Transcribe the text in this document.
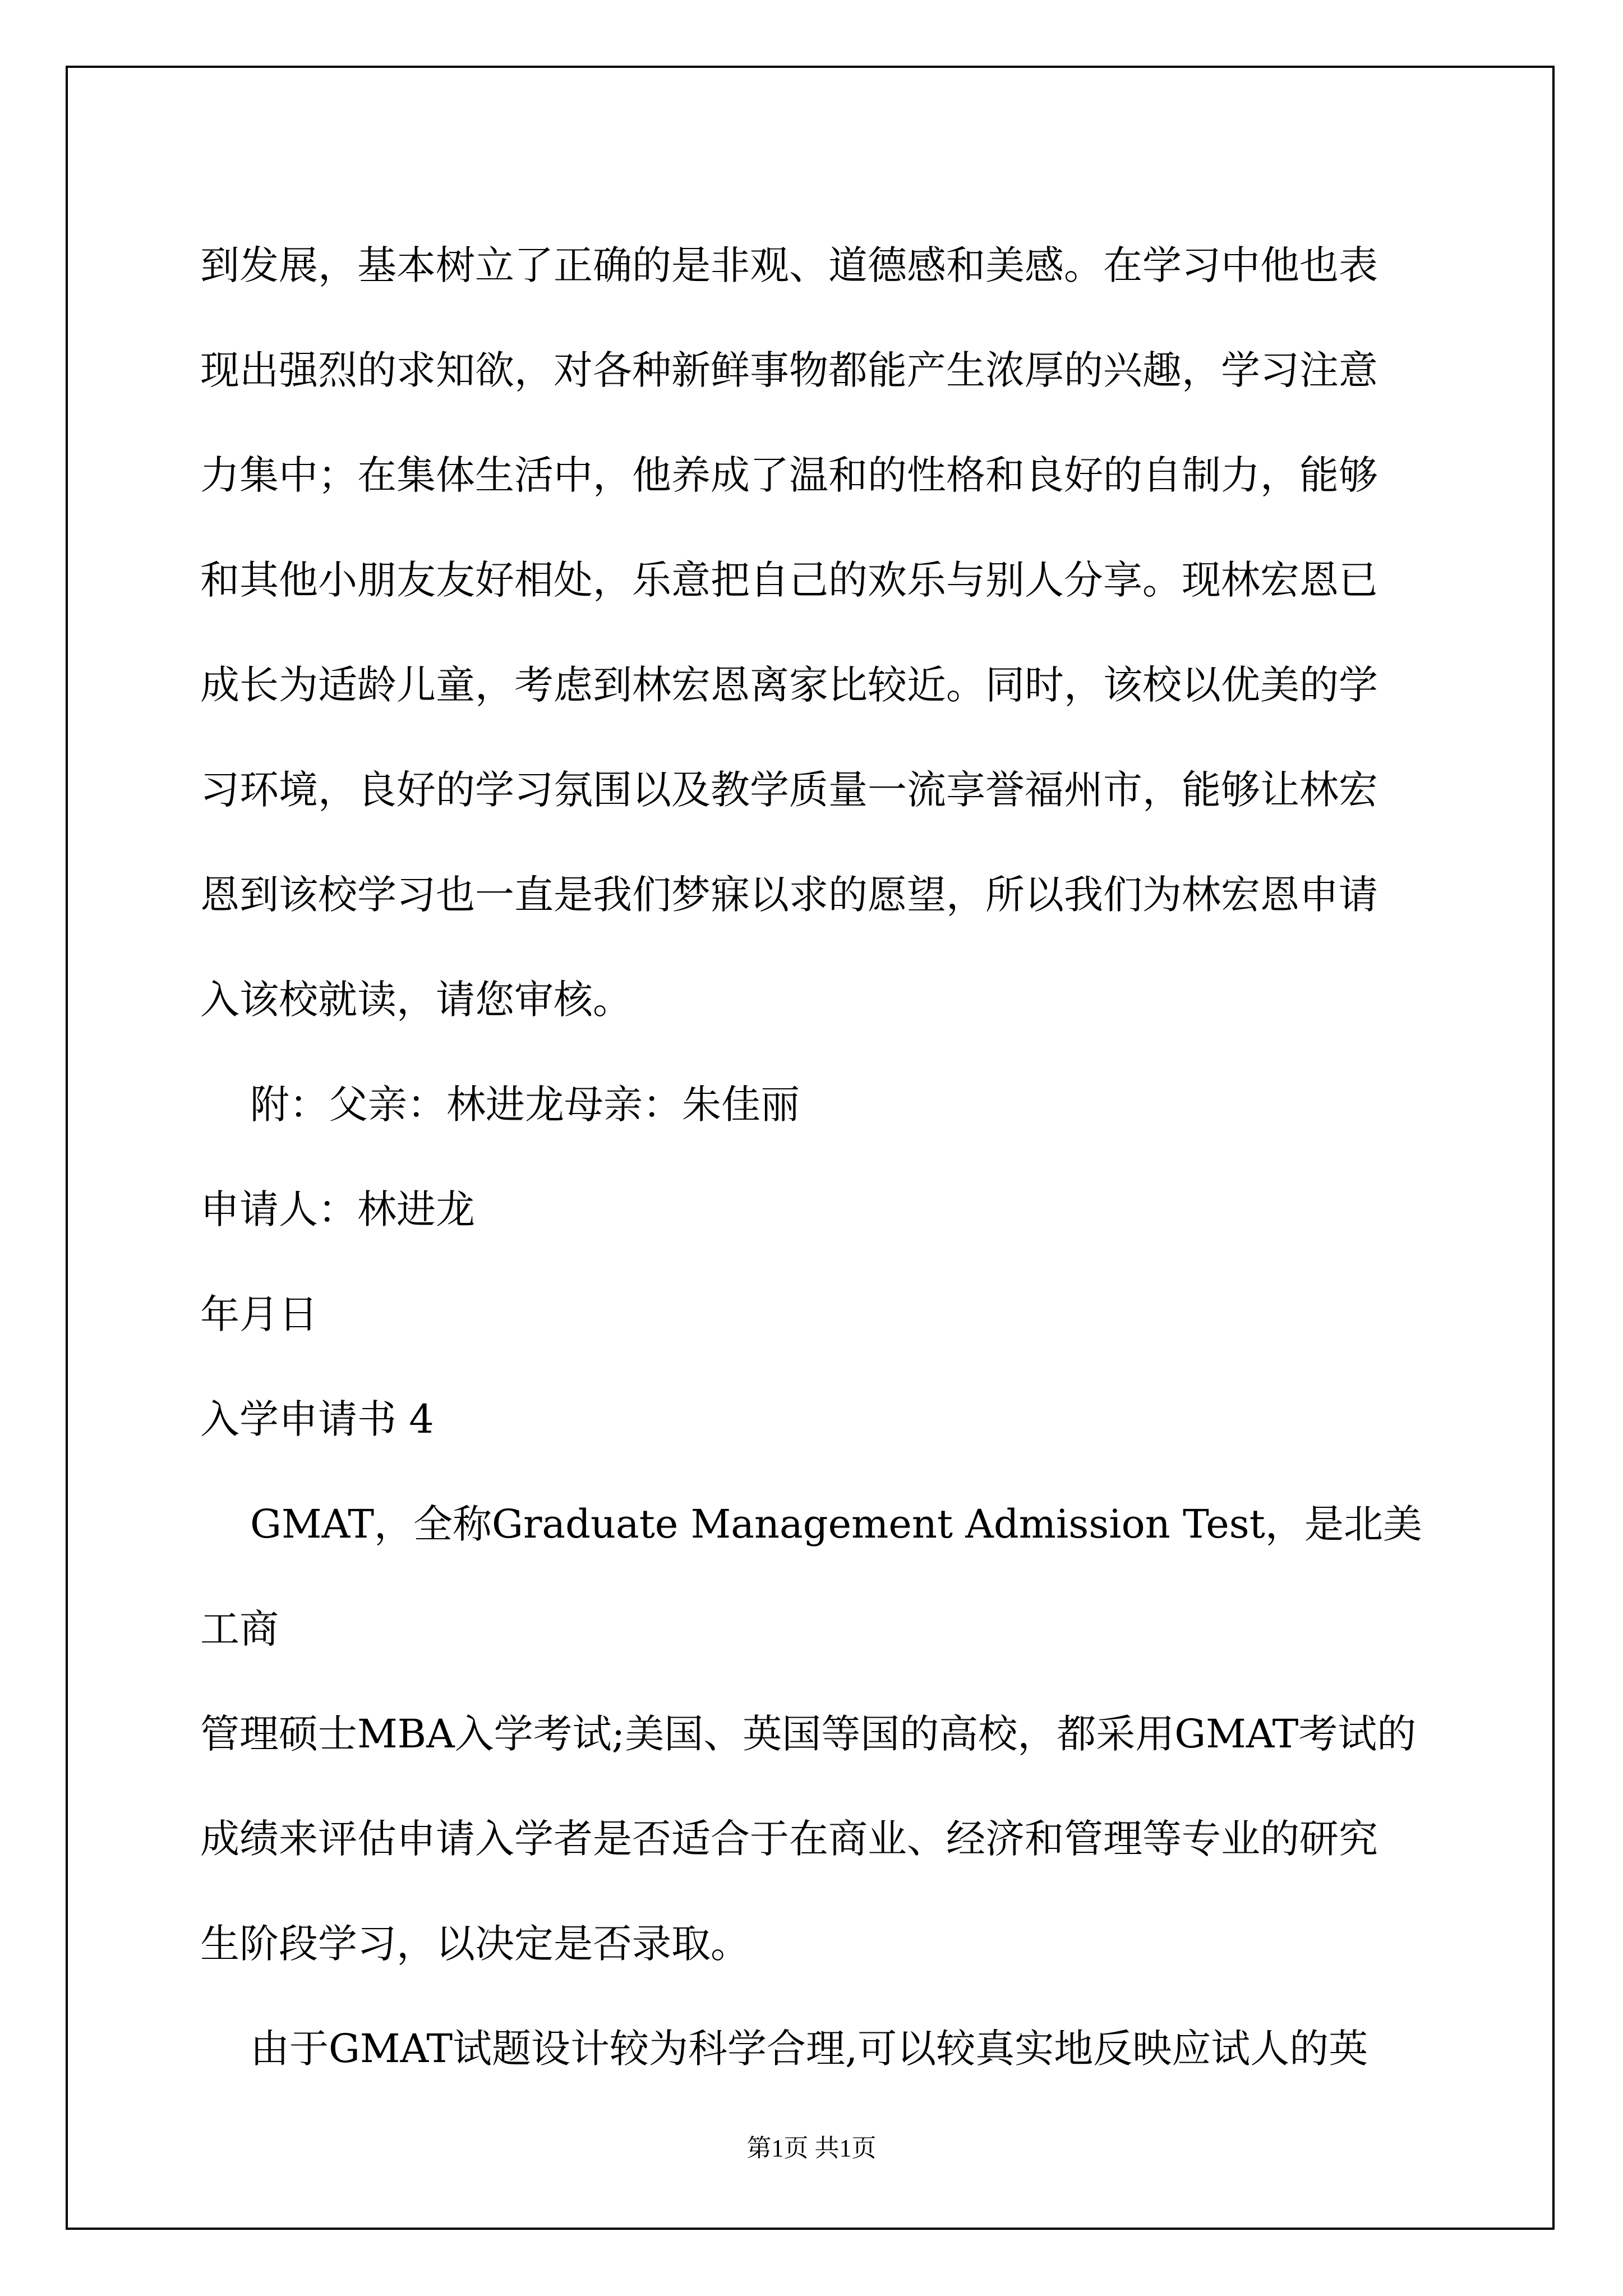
到发展，基本树立了正确的是非观、道德感和美感。在学习中他也表

现出强烈的求知欲，对各种新鲜事物都能产生浓厚的兴趣，学习注意

力集中；在集体生活中，他养成了温和的性格和良好的自制力，能够

和其他小朋友友好相处，乐意把自己的欢乐与别人分享。现林宏恩已

成长为适龄儿童，考虑到林宏恩离家比较近。同时，该校以优美的学

习环境，良好的学习氛围以及教学质量一流享誉福州市，能够让林宏

恩到该校学习也一直是我们梦寐以求的愿望，所以我们为林宏恩申请

入该校就读，请您审核。

附：父亲：林进龙母亲：朱佳丽

申请人：林进龙

年月日

入学申请书 4

GMAT，全称Graduate Management Admission Test，是北美工商

管理硕士MBA入学考试;美国、英国等国的高校，都采用GMAT考试的

成绩来评估申请入学者是否适合于在商业、经济和管理等专业的研究

生阶段学习，以决定是否录取。

由于GMAT试题设计较为科学合理,可以较真实地反映应试人的英

第1页 共1页
